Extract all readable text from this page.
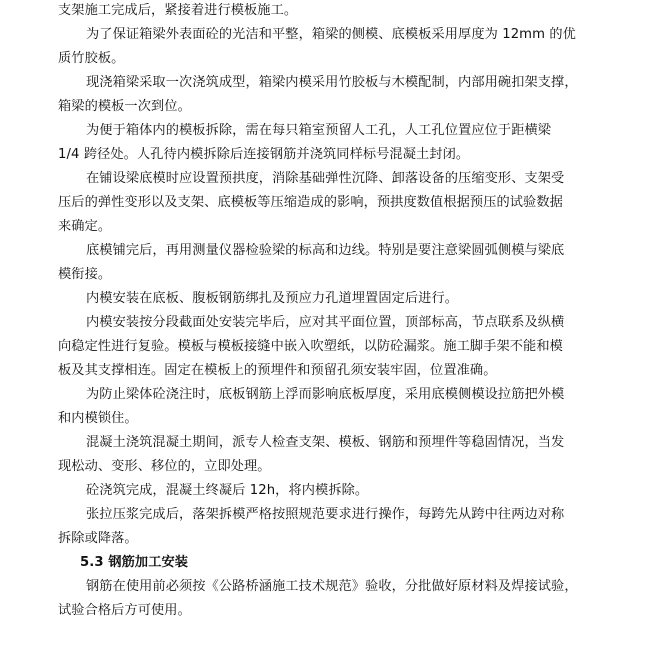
支架施工完成后，紧接着进行模板施工。
为了保证箱梁外表面砼的光洁和平整，箱梁的侧模、底模板采用厚度为 12mm 的优
质竹胶板。
现浇箱梁采取一次浇筑成型，箱梁内模采用竹胶板与木模配制，内部用碗扣架支撑，
箱梁的模板一次到位。
为便于箱体内的模板拆除，需在每只箱室预留人工孔，人工孔位置应位于距横梁
1/4 跨径处。人孔待内模拆除后连接钢筋并浇筑同样标号混凝土封闭。
在铺设梁底模时应设置预拱度，消除基础弹性沉降、卸落设备的压缩变形、支架受
压后的弹性变形以及支架、底模板等压缩造成的影响，预拱度数值根据预压的试验数据
来确定。
底模铺完后，再用测量仪器检验梁的标高和边线。特别是要注意梁圆弧侧模与梁底
模衔接。
内模安装在底板、腹板钢筋绑扎及预应力孔道埋置固定后进行。
内模安装按分段截面处安装完毕后，应对其平面位置，顶部标高，节点联系及纵横
向稳定性进行复验。模板与模板接缝中嵌入吹塑纸，以防砼漏浆。施工脚手架不能和模
板及其支撑相连。固定在模板上的预埋件和预留孔须安装牢固，位置准确。
为防止梁体砼浇注时，底板钢筋上浮而影响底板厚度，采用底模侧模设拉筋把外模
和内模锁住。
混凝土浇筑混凝土期间，派专人检查支架、模板、钢筋和预埋件等稳固情况，当发
现松动、变形、移位的，立即处理。
砼浇筑完成，混凝土终凝后 12h，将内模拆除。
张拉压浆完成后，落架拆模严格按照规范要求进行操作，每跨先从跨中往两边对称
拆除或降落。
5.3 钢筋加工安装
钢筋在使用前必须按《公路桥涵施工技术规范》验收，分批做好原材料及焊接试验，
试验合格后方可使用。
